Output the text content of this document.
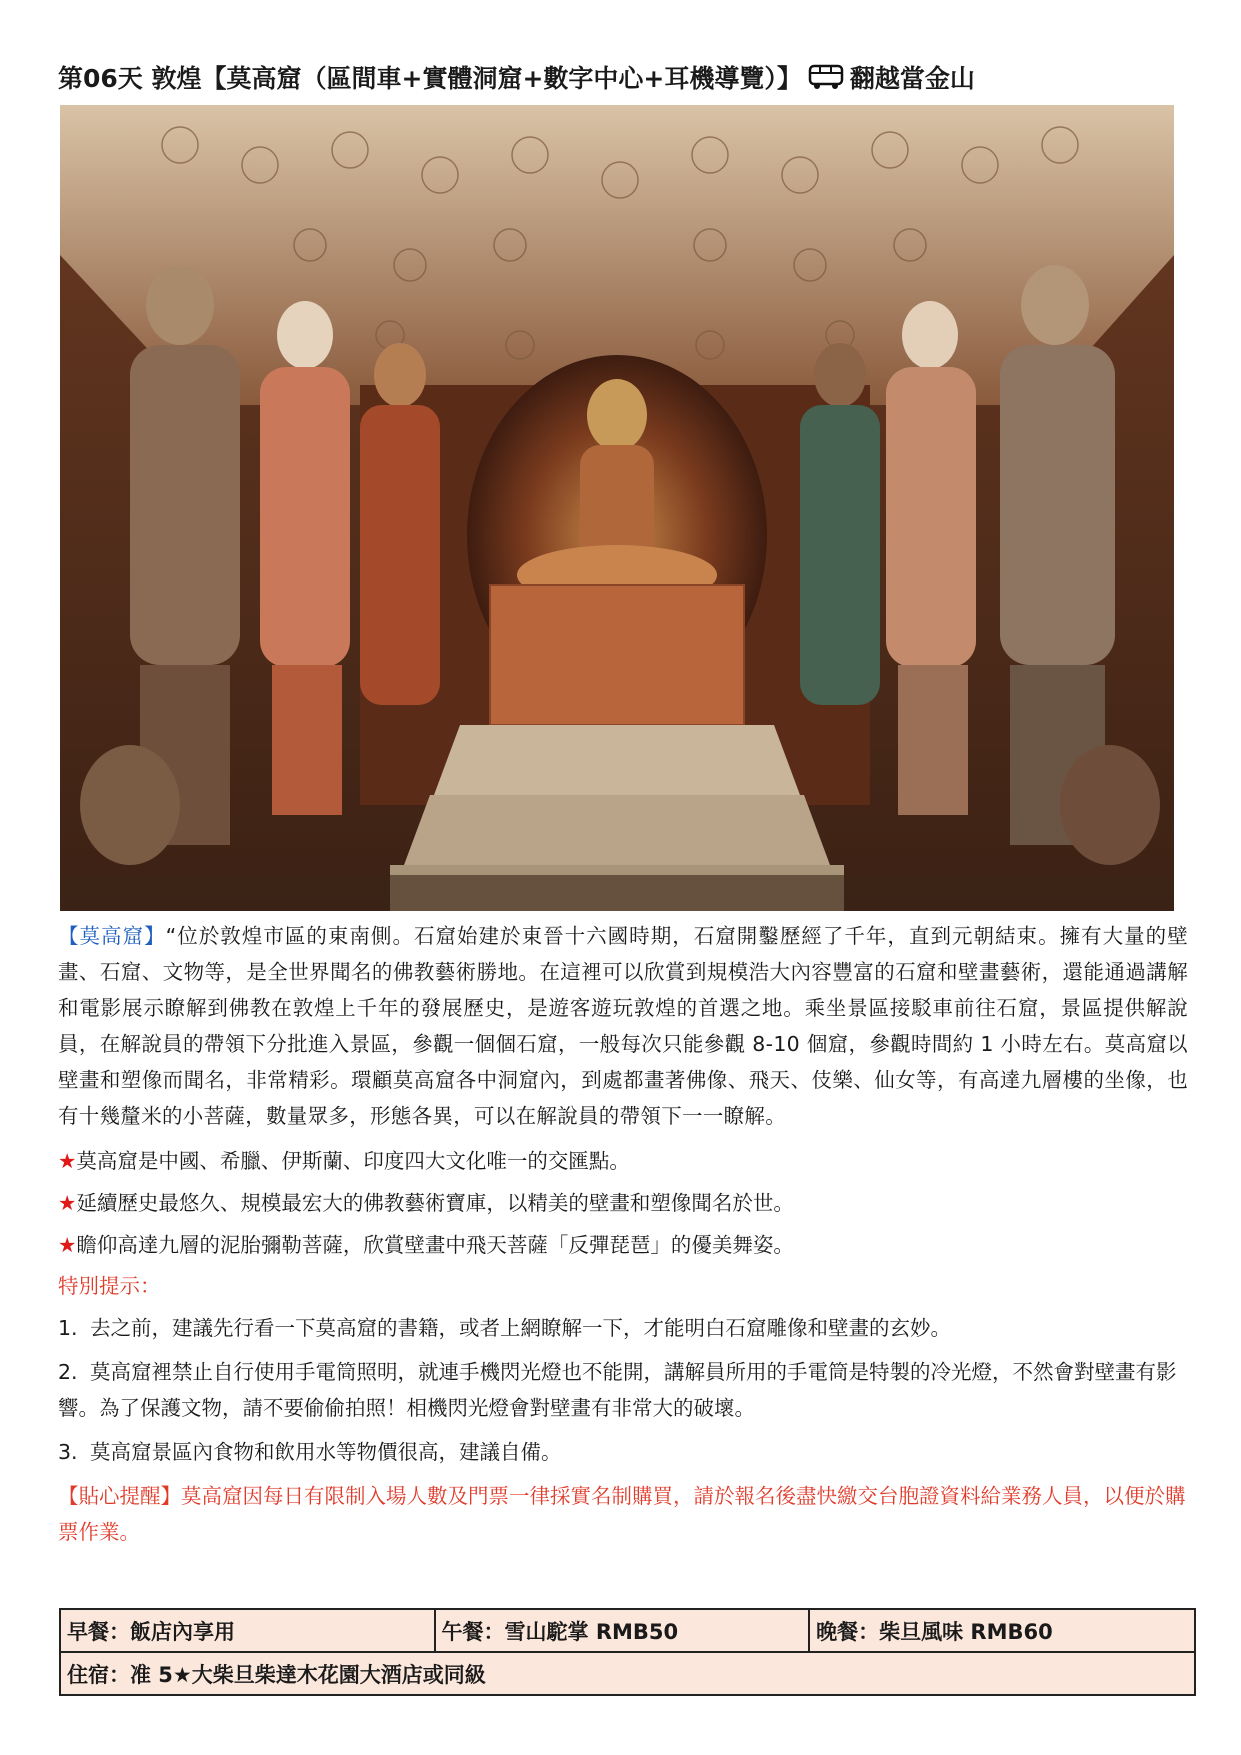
第06天 敦煌【莫高窟（區間車+實體洞窟+數字中心+耳機導覽）】 翻越當金山

【莫高窟】“位於敦煌市區的東南側。石窟始建於東晉十六國時期，石窟開鑿歷經了千年，直到元朝結束。擁有大量的壁畫、石窟、文物等，是全世界聞名的佛教藝術勝地。在這裡可以欣賞到規模浩大內容豐富的石窟和壁畫藝術，還能通過講解和電影展示瞭解到佛教在敦煌上千年的發展歷史，是遊客遊玩敦煌的首選之地。乘坐景區接駁車前往石窟，景區提供解說員，在解說員的帶領下分批進入景區，參觀一個個石窟，一般每次只能參觀 8-10 個窟，參觀時間約 1 小時左右。莫高窟以壁畫和塑像而聞名，非常精彩。環顧莫高窟各中洞窟內，到處都畫著佛像、飛天、伎樂、仙女等，有高達九層樓的坐像，也有十幾釐米的小菩薩，數量眾多，形態各異，可以在解說員的帶領下一一瞭解。

★莫高窟是中國、希臘、伊斯蘭、印度四大文化唯一的交匯點。

★延續歷史最悠久、規模最宏大的佛教藝術寶庫，以精美的壁畫和塑像聞名於世。

★瞻仰高達九層的泥胎彌勒菩薩，欣賞壁畫中飛天菩薩「反彈琵琶」的優美舞姿。

特別提示：

1. 去之前，建議先行看一下莫高窟的書籍，或者上網瞭解一下，才能明白石窟雕像和壁畫的玄妙。

2. 莫高窟裡禁止自行使用手電筒照明，就連手機閃光燈也不能開，講解員所用的手電筒是特製的冷光燈，不然會對壁畫有影響。為了保護文物，請不要偷偷拍照！相機閃光燈會對壁畫有非常大的破壞。

3. 莫高窟景區內食物和飲用水等物價很高，建議自備。

【貼心提醒】莫高窟因每日有限制入場人數及門票一律採實名制購買，請於報名後盡快繳交台胞證資料給業務人員，以便於購票作業。

早餐：飯店內享用	午餐：雪山駝掌 RMB50	晚餐：柴旦風味 RMB60
住宿：准 5★大柴旦柴達木花園大酒店或同級
